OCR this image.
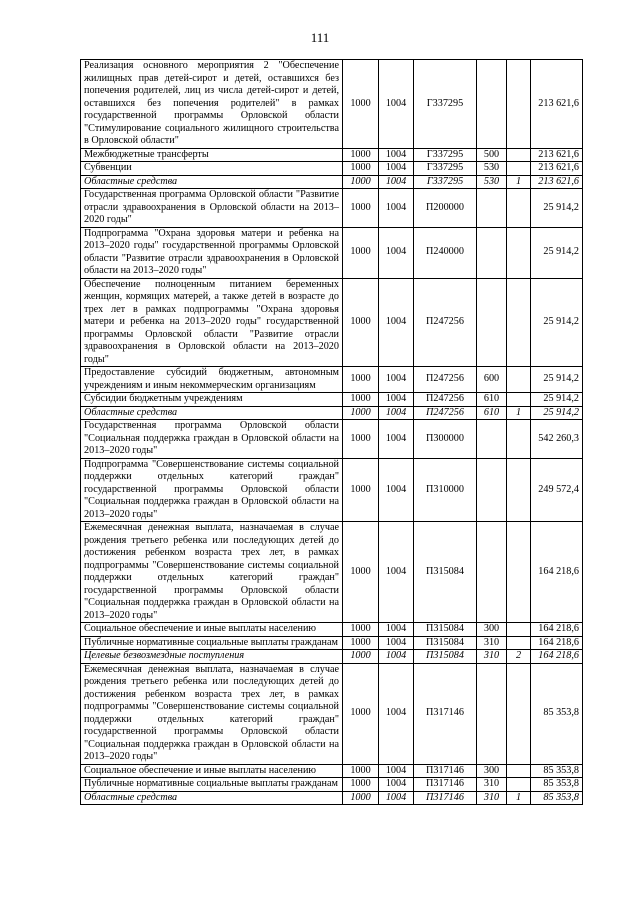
111
Реализация основного мероприятия 2 "Обеспечение жилищных прав детей-сирот и детей, оставшихся без попечения родителей, лиц из числа детей-сирот и детей, оставшихся без попечения родителей" в рамках государственной программы Орловской области "Стимулирование социального жилищного строительства в Орловской области"	1000	1004	Г337295			213 621,6
Межбюджетные трансферты	1000	1004	Г337295	500		213 621,6
Субвенции	1000	1004	Г337295	530		213 621,6
Областные средства	1000	1004	Г337295	530	1	213 621,6
Государственная программа Орловской области "Развитие отрасли здравоохранения в Орловской области на 2013–2020 годы"	1000	1004	П200000			25 914,2
Подпрограмма "Охрана здоровья матери и ребенка на 2013–2020 годы" государственной программы Орловской области "Развитие отрасли здравоохранения в Орловской области на 2013–2020 годы"	1000	1004	П240000			25 914,2
Обеспечение полноценным питанием беременных женщин, кормящих матерей, а также детей в возрасте до трех лет в рамках подпрограммы "Охрана здоровья матери и ребенка на 2013–2020 годы" государственной программы Орловской области "Развитие отрасли здравоохранения в Орловской области на 2013–2020 годы"	1000	1004	П247256			25 914,2
Предоставление субсидий бюджетным, автономным учреждениям и иным некоммерческим организациям	1000	1004	П247256	600		25 914,2
Субсидии бюджетным учреждениям	1000	1004	П247256	610		25 914,2
Областные средства	1000	1004	П247256	610	1	25 914,2
Государственная программа Орловской области "Социальная поддержка граждан в Орловской области на 2013–2020 годы"	1000	1004	П300000			542 260,3
Подпрограмма "Совершенствование системы социальной поддержки отдельных категорий граждан" государственной программы Орловской области "Социальная поддержка граждан в Орловской области на 2013–2020 годы"	1000	1004	П310000			249 572,4
Ежемесячная денежная выплата, назначаемая в случае рождения третьего ребенка или последующих детей до достижения ребенком возраста трех лет, в рамках подпрограммы "Совершенствование системы социальной поддержки отдельных категорий граждан" государственной программы Орловской области "Социальная поддержка граждан в Орловской области на 2013–2020 годы"	1000	1004	П315084			164 218,6
Социальное обеспечение и иные выплаты населению	1000	1004	П315084	300		164 218,6
Публичные нормативные социальные выплаты гражданам	1000	1004	П315084	310		164 218,6
Целевые безвозмездные поступления	1000	1004	П315084	310	2	164 218,6
Ежемесячная денежная выплата, назначаемая в случае рождения третьего ребенка или последующих детей до достижения ребенком возраста трех лет, в рамках подпрограммы "Совершенствование системы социальной поддержки отдельных категорий граждан" государственной программы Орловской области "Социальная поддержка граждан в Орловской области на 2013–2020 годы"	1000	1004	П317146			85 353,8
Социальное обеспечение и иные выплаты населению	1000	1004	П317146	300		85 353,8
Публичные нормативные социальные выплаты гражданам	1000	1004	П317146	310		85 353,8
Областные средства	1000	1004	П317146	310	1	85 353,8
